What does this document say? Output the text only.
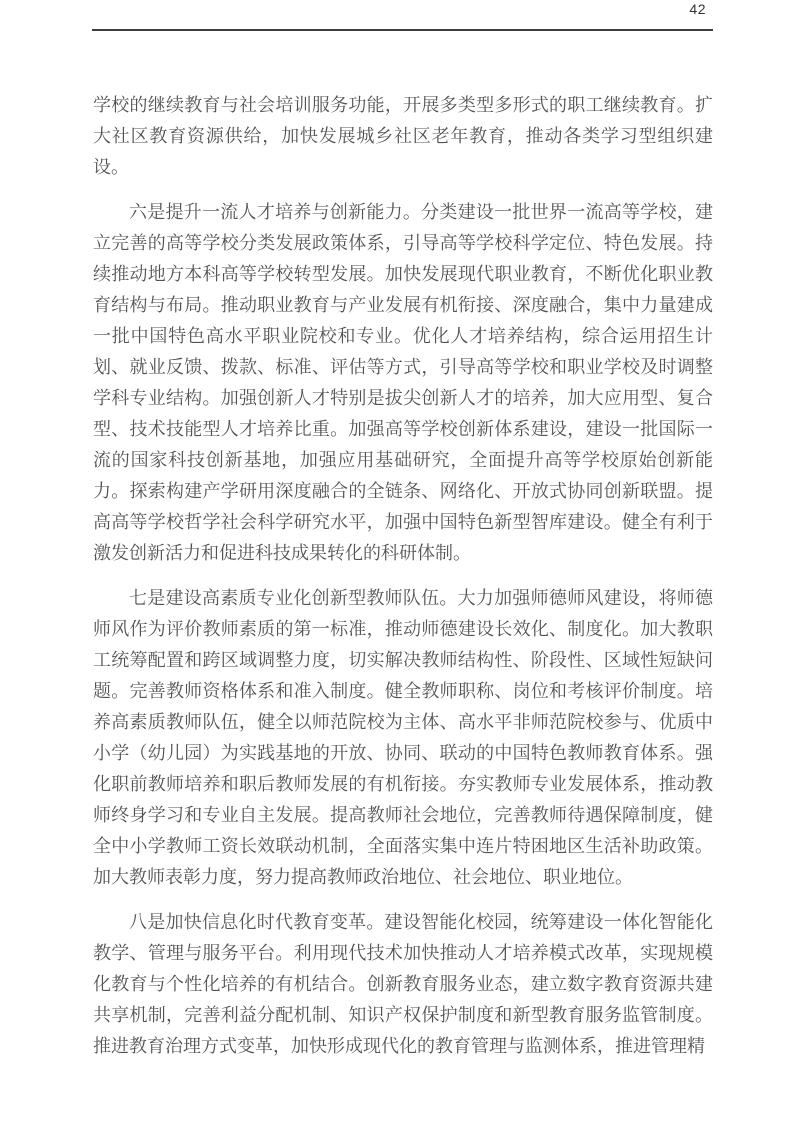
42

学校的继续教育与社会培训服务功能，开展多类型多形式的职工继续教育。扩大社区教育资源供给，加快发展城乡社区老年教育，推动各类学习型组织建设。

六是提升一流人才培养与创新能力。分类建设一批世界一流高等学校，建立完善的高等学校分类发展政策体系，引导高等学校科学定位、特色发展。持续推动地方本科高等学校转型发展。加快发展现代职业教育，不断优化职业教育结构与布局。推动职业教育与产业发展有机衔接、深度融合，集中力量建成一批中国特色高水平职业院校和专业。优化人才培养结构，综合运用招生计划、就业反馈、拨款、标准、评估等方式，引导高等学校和职业学校及时调整学科专业结构。加强创新人才特别是拔尖创新人才的培养，加大应用型、复合型、技术技能型人才培养比重。加强高等学校创新体系建设，建设一批国际一流的国家科技创新基地，加强应用基础研究，全面提升高等学校原始创新能力。探索构建产学研用深度融合的全链条、网络化、开放式协同创新联盟。提高高等学校哲学社会科学研究水平，加强中国特色新型智库建设。健全有利于激发创新活力和促进科技成果转化的科研体制。

七是建设高素质专业化创新型教师队伍。大力加强师德师风建设，将师德师风作为评价教师素质的第一标准，推动师德建设长效化、制度化。加大教职工统筹配置和跨区域调整力度，切实解决教师结构性、阶段性、区域性短缺问题。完善教师资格体系和准入制度。健全教师职称、岗位和考核评价制度。培养高素质教师队伍，健全以师范院校为主体、高水平非师范院校参与、优质中小学（幼儿园）为实践基地的开放、协同、联动的中国特色教师教育体系。强化职前教师培养和职后教师发展的有机衔接。夯实教师专业发展体系，推动教师终身学习和专业自主发展。提高教师社会地位，完善教师待遇保障制度，健全中小学教师工资长效联动机制，全面落实集中连片特困地区生活补助政策。加大教师表彰力度，努力提高教师政治地位、社会地位、职业地位。

八是加快信息化时代教育变革。建设智能化校园，统筹建设一体化智能化教学、管理与服务平台。利用现代技术加快推动人才培养模式改革，实现规模化教育与个性化培养的有机结合。创新教育服务业态，建立数字教育资源共建共享机制，完善利益分配机制、知识产权保护制度和新型教育服务监管制度。推进教育治理方式变革，加快形成现代化的教育管理与监测体系，推进管理精
